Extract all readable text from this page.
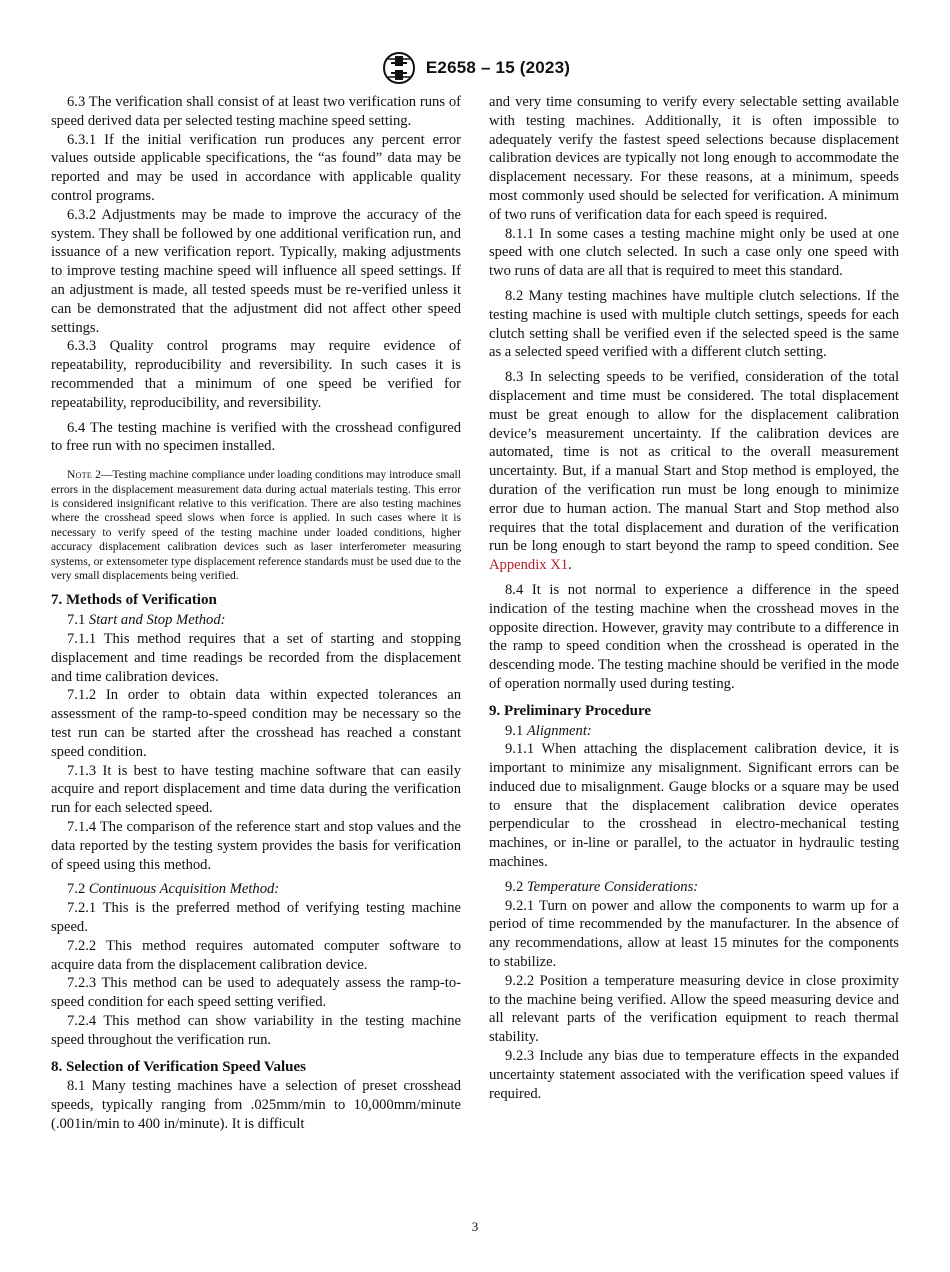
E2658 – 15 (2023)

6.3 The verification shall consist of at least two verification runs of speed derived data per selected testing machine speed setting.

6.3.1 If the initial verification run produces any percent error values outside applicable specifications, the “as found” data may be reported and may be used in accordance with applicable quality control programs.

6.3.2 Adjustments may be made to improve the accuracy of the system. They shall be followed by one additional verification run, and issuance of a new verification report. Typically, making adjustments to improve testing machine speed will influence all speed settings. If an adjustment is made, all tested speeds must be re-verified unless it can be demonstrated that the adjustment did not affect other speed settings.

6.3.3 Quality control programs may require evidence of repeatability, reproducibility and reversibility. In such cases it is recommended that a minimum of one speed be verified for repeatability, reproducibility, and reversibility.

6.4 The testing machine is verified with the crosshead configured to free run with no specimen installed.

Note 2—Testing machine compliance under loading conditions may introduce small errors in the displacement measurement data during actual materials testing. This error is considered insignificant relative to this verification. There are also testing machines where the crosshead speed slows when force is applied. In such cases where it is necessary to verify speed of the testing machine under loaded conditions, higher accuracy displacement calibration devices such as laser interferometer measuring systems, or extensometer type displacement reference standards must be used due to the very small displacements being verified.

7. Methods of Verification

7.1 Start and Stop Method:

7.1.1 This method requires that a set of starting and stopping displacement and time readings be recorded from the displacement and time calibration devices.

7.1.2 In order to obtain data within expected tolerances an assessment of the ramp-to-speed condition may be necessary so the test run can be started after the crosshead has reached a constant speed condition.

7.1.3 It is best to have testing machine software that can easily acquire and report displacement and time data during the verification run for each selected speed.

7.1.4 The comparison of the reference start and stop values and the data reported by the testing system provides the basis for verification of speed using this method.

7.2 Continuous Acquisition Method:

7.2.1 This is the preferred method of verifying testing machine speed.

7.2.2 This method requires automated computer software to acquire data from the displacement calibration device.

7.2.3 This method can be used to adequately assess the ramp-to-speed condition for each speed setting verified.

7.2.4 This method can show variability in the testing machine speed throughout the verification run.

8. Selection of Verification Speed Values

8.1 Many testing machines have a selection of preset crosshead speeds, typically ranging from .025mm/min to 10,000mm/minute (.001in/min to 400 in/minute). It is difficult

and very time consuming to verify every selectable setting available with testing machines. Additionally, it is often impossible to adequately verify the fastest speed selections because displacement calibration devices are typically not long enough to accommodate the displacement necessary. For these reasons, at a minimum, speeds most commonly used should be selected for verification. A minimum of two runs of verification data for each speed is required.

8.1.1 In some cases a testing machine might only be used at one speed with one clutch selected. In such a case only one speed with two runs of data are all that is required to meet this standard.

8.2 Many testing machines have multiple clutch selections. If the testing machine is used with multiple clutch settings, speeds for each clutch setting shall be verified even if the selected speed is the same as a selected speed verified with a different clutch setting.

8.3 In selecting speeds to be verified, consideration of the total displacement and time must be considered. The total displacement must be great enough to allow for the displacement calibration device’s measurement uncertainty. If the calibration devices are automated, time is not as critical to the overall measurement uncertainty. But, if a manual Start and Stop method is employed, the duration of the verification run must be long enough to minimize error due to human action. The manual Start and Stop method also requires that the total displacement and duration of the verification run be long enough to start beyond the ramp to speed condition. See Appendix X1.

8.4 It is not normal to experience a difference in the speed indication of the testing machine when the crosshead moves in the opposite direction. However, gravity may contribute to a difference in the ramp to speed condition when the crosshead is operated in the descending mode. The testing machine should be verified in the mode of operation normally used during testing.

9. Preliminary Procedure

9.1 Alignment:

9.1.1 When attaching the displacement calibration device, it is important to minimize any misalignment. Significant errors can be induced due to misalignment. Gauge blocks or a square may be used to ensure that the displacement calibration device operates perpendicular to the crosshead in electro-mechanical testing machines, or in-line or parallel, to the actuator in hydraulic testing machines.

9.2 Temperature Considerations:

9.2.1 Turn on power and allow the components to warm up for a period of time recommended by the manufacturer. In the absence of any recommendations, allow at least 15 minutes for the components to stabilize.

9.2.2 Position a temperature measuring device in close proximity to the machine being verified. Allow the speed measuring device and all relevant parts of the verification equipment to reach thermal stability.

9.2.3 Include any bias due to temperature effects in the expanded uncertainty statement associated with the verification speed values if required.

3
